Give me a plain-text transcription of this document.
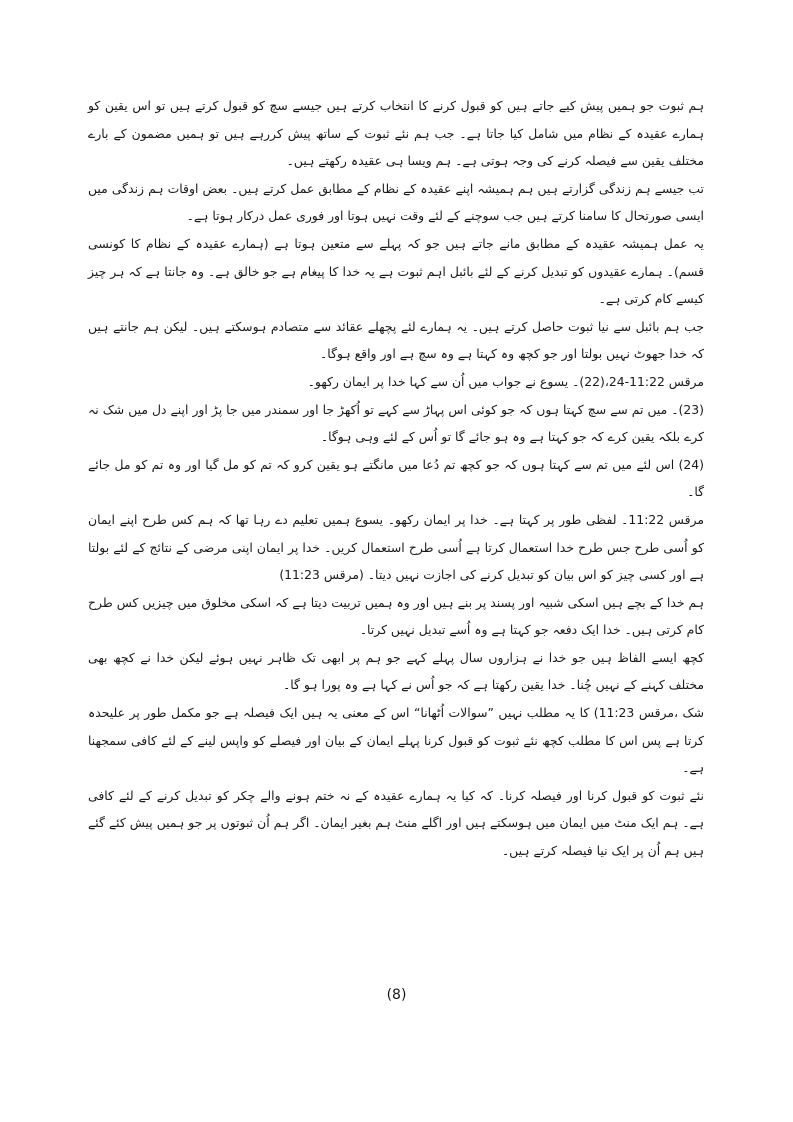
ہم ثبوت جو ہمیں پیش کیے جاتے ہیں کو قبول کرنے کا انتخاب کرتے ہیں جیسے سچ کو قبول کرتے ہیں تو اس یقین کو ہمارے عقیدہ کے نظام میں شامل کیا جاتا ہے۔ جب ہم نئے ثبوت کے ساتھ پیش کررہے ہیں تو ہمیں مضمون کے بارے مختلف یقین سے فیصلہ کرنے کی وجہ ہوتی ہے۔ ہم ویسا ہی عقیدہ رکھتے ہیں۔

تب جیسے ہم زندگی گزارتے ہیں ہم ہمیشہ اپنے عقیدہ کے نظام کے مطابق عمل کرتے ہیں۔ بعض اوقات ہم زندگی میں ایسی صورتحال کا سامنا کرتے ہیں جب سوچنے کے لئے وقت نہیں ہوتا اور فوری عمل درکار ہوتا ہے۔

یہ عمل ہمیشہ عقیدہ کے مطابق مانے جاتے ہیں جو کہ پہلے سے متعین ہوتا ہے (ہمارے عقیدہ کے نظام کا کونسی قسم)۔ ہمارے عقیدوں کو تبدیل کرنے کے لئے بائبل اہم ثبوت ہے یہ خدا کا پیغام ہے جو خالق ہے۔ وہ جانتا ہے کہ ہر چیز کیسے کام کرتی ہے۔

جب ہم بائبل سے نیا ثبوت حاصل کرتے ہیں۔ یہ ہمارے لئے پچھلے عقائد سے متصادم ہوسکتے ہیں۔ لیکن ہم جانتے ہیں کہ خدا جھوٹ نہیں بولتا اور جو کچھ وہ کہتا ہے وہ سچ ہے اور واقع ہوگا۔

مرقس 11:22-24،(22)۔ یسوع نے جواب میں اُن سے کہا خدا پر ایمان رکھو۔

(23)۔ میں تم سے سچ کہتا ہوں کہ جو کوئی اس پہاڑ سے کہے تو اُکھڑ جا اور سمندر میں جا پڑ اور اپنے دل میں شک نہ کرے بلکہ یقین کرے کہ جو کہتا ہے وہ ہو جائے گا تو اُس کے لئے وہی ہوگا۔

(24) اس لئے میں تم سے کہتا ہوں کہ جو کچھ تم دُعا میں مانگتے ہو یقین کرو کہ تم کو مل گیا اور وہ تم کو مل جائے گا۔

مرقس 11:22۔ لفظی طور پر کہتا ہے۔ خدا پر ایمان رکھو۔ یسوع ہمیں تعلیم دے رہا تھا کہ ہم کس طرح اپنے ایمان کو اُسی طرح جس طرح خدا استعمال کرتا ہے اُسی طرح استعمال کریں۔ خدا پر ایمان اپنی مرضی کے نتائج کے لئے بولتا ہے اور کسی چیز کو اس بیان کو تبدیل کرنے کی اجازت نہیں دیتا۔ (مرقس 11:23)

ہم خدا کے بچے ہیں اسکی شبیہ اور پسند پر بنے ہیں اور وہ ہمیں تربیت دیتا ہے کہ اسکی مخلوق میں چیزیں کس طرح کام کرتی ہیں۔ خدا ایک دفعہ جو کہتا ہے وہ اُسے تبدیل نہیں کرتا۔

کچھ ایسے الفاظ ہیں جو خدا نے ہزاروں سال پہلے کہے جو ہم پر ابھی تک ظاہر نہیں ہوئے لیکن خدا نے کچھ بھی مختلف کہنے کے نہیں چُنا۔ خدا یقین رکھتا ہے کہ جو اُس نے کہا ہے وہ پورا ہو گا۔

شک ،مرقس 11:23) کا یہ مطلب نہیں ”سوالات اُٹھانا“ اس کے معنی یہ ہیں ایک فیصلہ ہے جو مکمل طور پر علیحدہ کرتا ہے پس اس کا مطلب کچھ نئے ثبوت کو قبول کرنا پہلے ایمان کے بیان اور فیصلے کو واپس لینے کے لئے کافی سمجھنا ہے۔

نئے ثبوت کو قبول کرنا اور فیصلہ کرنا۔ کہ کیا یہ ہمارے عقیدہ کے نہ ختم ہونے والے چکر کو تبدیل کرنے کے لئے کافی ہے۔ ہم ایک منٹ میں ایمان میں ہوسکتے ہیں اور اگلے منٹ ہم بغیر ایمان۔ اگر ہم اُن ثبوتوں پر جو ہمیں پیش کئے گئے ہیں ہم اُن پر ایک نیا فیصلہ کرتے ہیں۔

(8)
